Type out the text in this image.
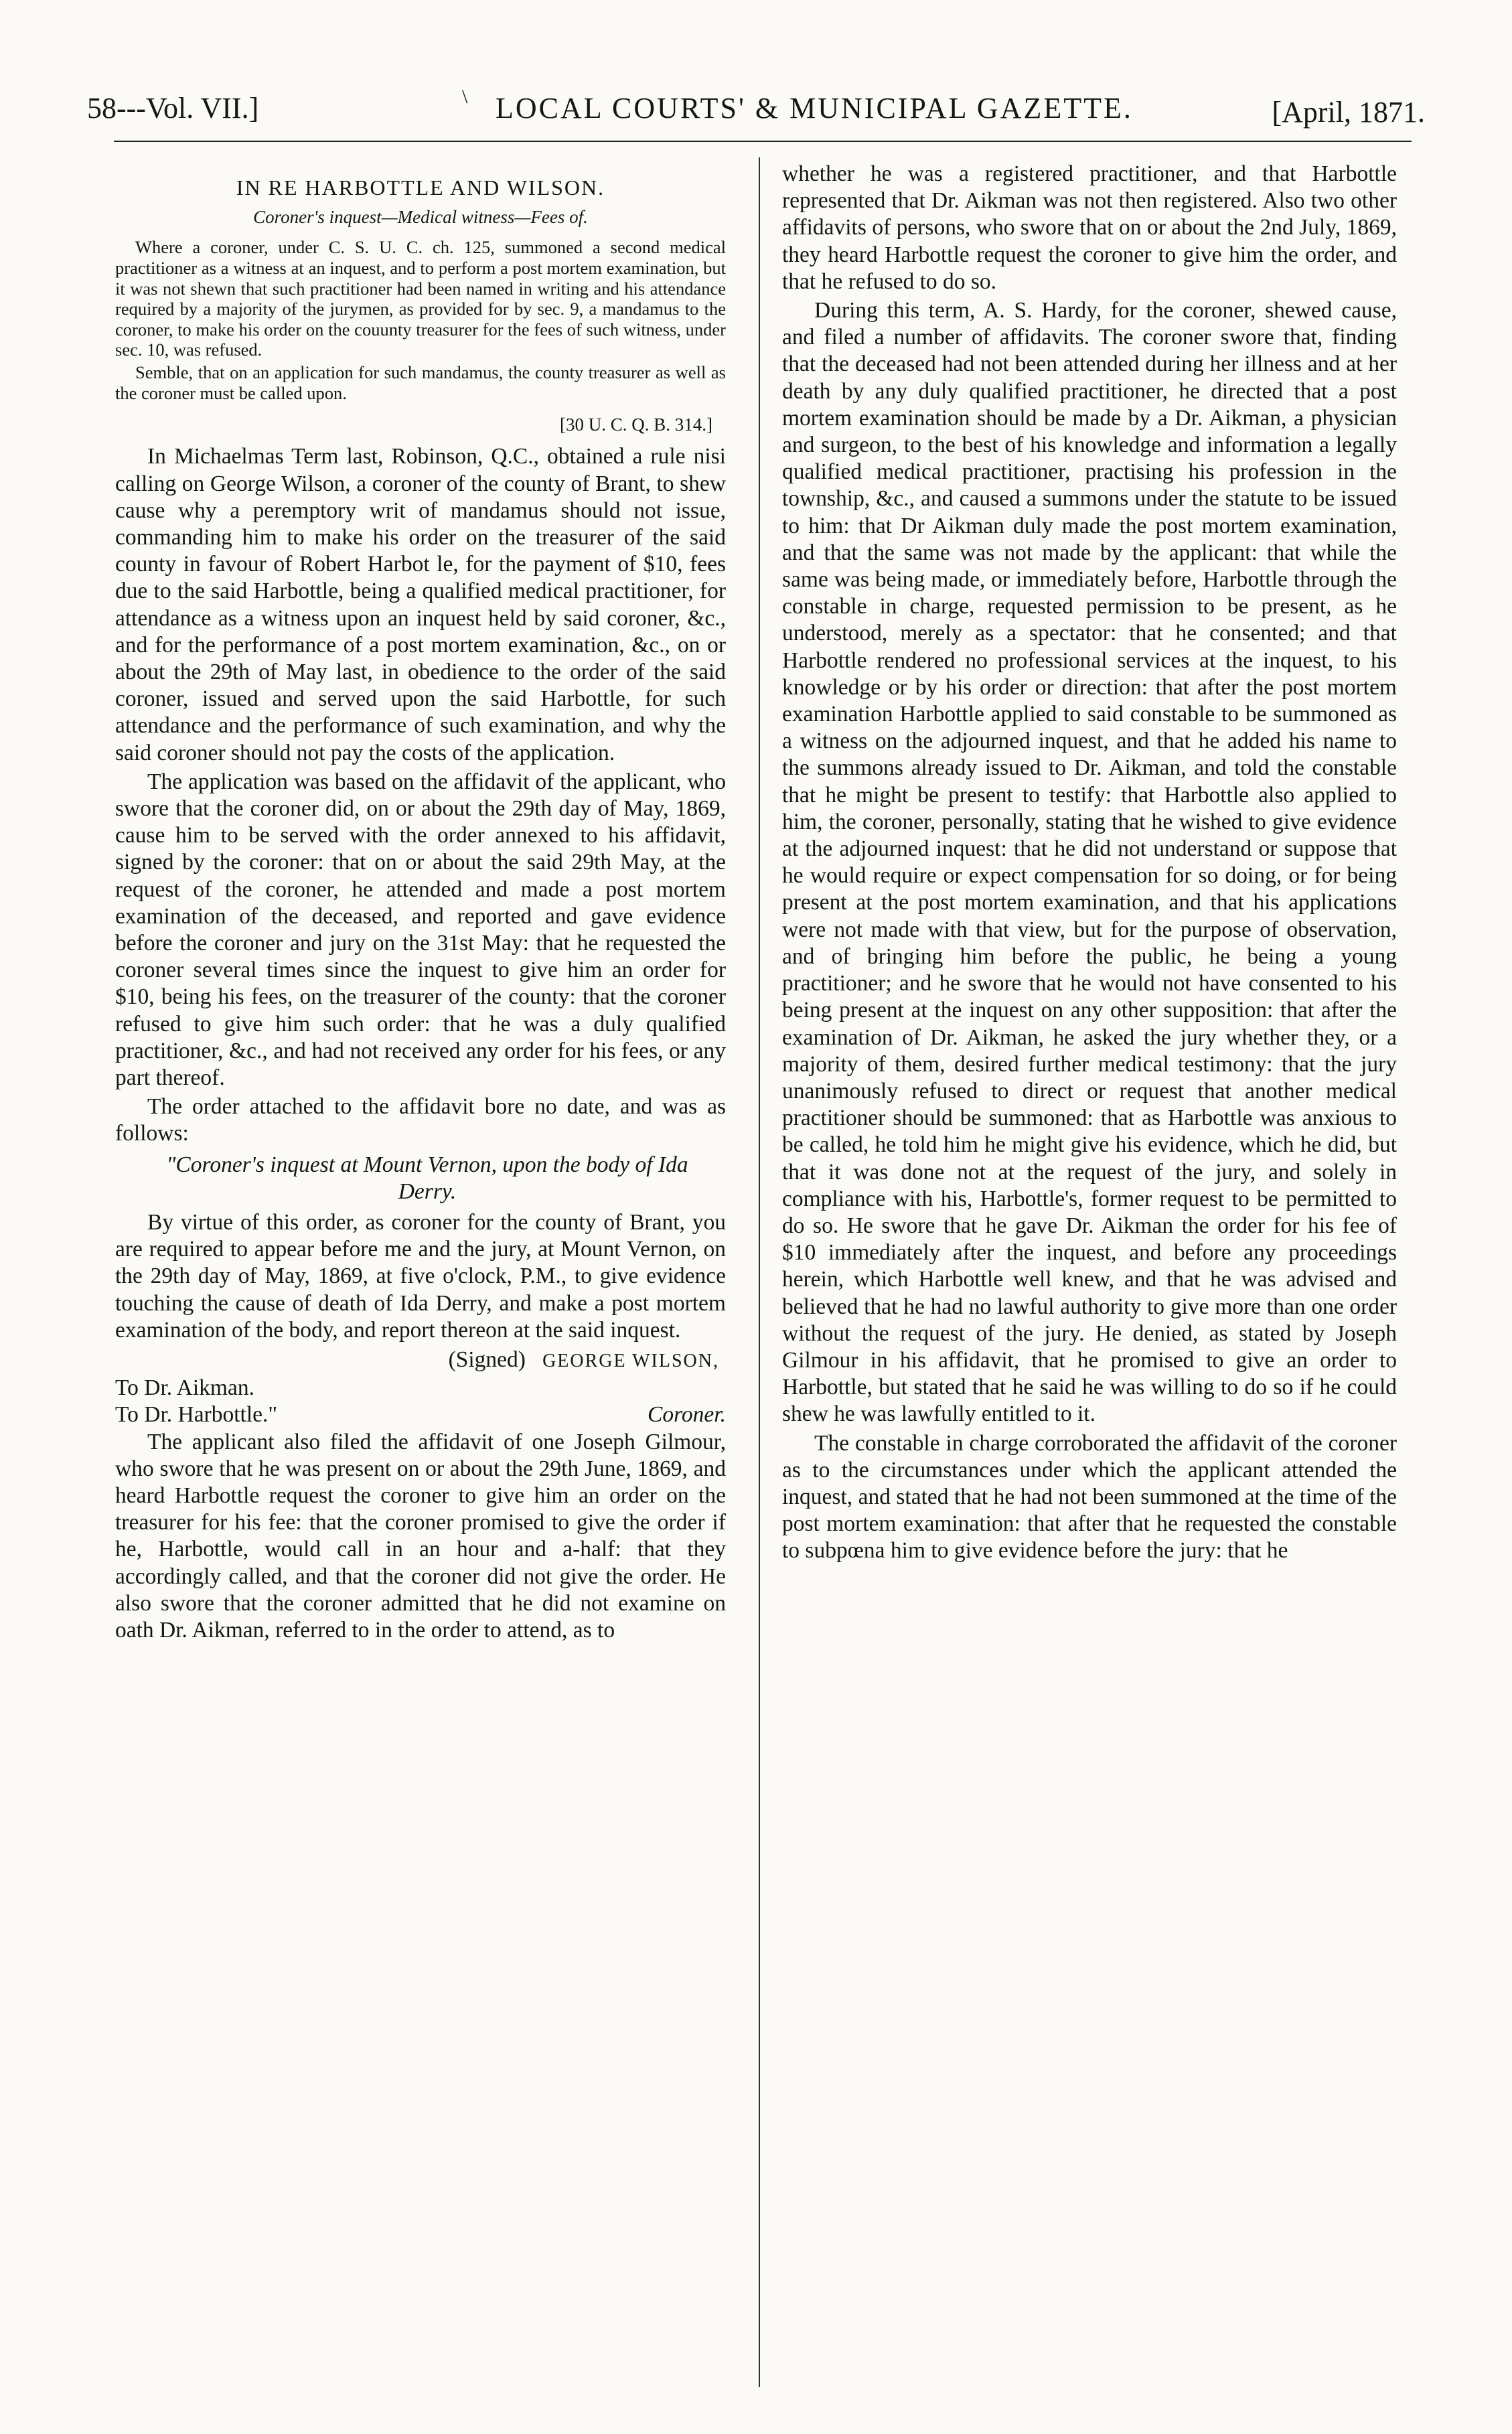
58---Vol. VII.]	\ LOCAL COURTS' & MUNICIPAL GAZETTE.	[April, 1871.
IN RE HARBOTTLE AND WILSON.
Coroner's inquest—Medical witness—Fees of.

Where a coroner, under C. S. U. C. ch. 125, summoned a second medical practitioner as a witness at an inquest, and to perform a post mortem examination, but it was not shewn that such practitioner had been named in writing and his attendance required by a majority of the jurymen, as provided for by sec. 9, a mandamus to the coroner, to make his order on the couunty treasurer for the fees of such witness, under sec. 10, was refused.

Semble, that on an application for such mandamus, the county treasurer as well as the coroner must be called upon.

[30 U. C. Q. B. 314.]

In Michaelmas Term last, Robinson, Q.C., obtained a rule nisi calling on George Wilson, a coroner of the county of Brant, to shew cause why a peremptory writ of mandamus should not issue, commanding him to make his order on the treasurer of the said county in favour of Robert Harbot le, for the payment of $10, fees due to the said Harbottle, being a qualified medical practitioner, for attendance as a witness upon an inquest held by said coroner, &c., and for the performance of a post mortem examination, &c., on or about the 29th of May last, in obedience to the order of the said coroner, issued and served upon the said Harbottle, for such attendance and the performance of such examination, and why the said coroner should not pay the costs of the application.

The application was based on the affidavit of the applicant, who swore that the coroner did, on or about the 29th day of May, 1869, cause him to be served with the order annexed to his affidavit, signed by the coroner: that on or about the said 29th May, at the request of the coroner, he attended and made a post mortem examination of the deceased, and reported and gave evidence before the coroner and jury on the 31st May: that he requested the coroner several times since the inquest to give him an order for $10, being his fees, on the treasurer of the county: that the coroner refused to give him such order: that he was a duly qualified practitioner, &c., and had not received any order for his fees, or any part thereof.

The order attached to the affidavit bore no date, and was as follows:

"Coroner's inquest at Mount Vernon, upon the body of Ida Derry.

By virtue of this order, as coroner for the county of Brant, you are required to appear before me and the jury, at Mount Vernon, on the 29th day of May, 1869, at five o'clock, P.M., to give evidence touching the cause of death of Ida Derry, and make a post mortem examination of the body, and report thereon at the said inquest.

(Signed) GEORGE WILSON,
To Dr. Aikman.
To Dr. Harbottle."	Coroner.

The applicant also filed the affidavit of one Joseph Gilmour, who swore that he was present on or about the 29th June, 1869, and heard Harbottle request the coroner to give him an order on the treasurer for his fee: that the coroner promised to give the order if he, Harbottle, would call in an hour and a-half: that they accordingly called, and that the coroner did not give the order. He also swore that the coroner admitted that he did not examine on oath Dr. Aikman, referred to in the order to attend, as to

whether he was a registered practitioner, and that Harbottle represented that Dr. Aikman was not then registered. Also two other affidavits of persons, who swore that on or about the 2nd July, 1869, they heard Harbottle request the coroner to give him the order, and that he refused to do so.

During this term, A. S. Hardy, for the coroner, shewed cause, and filed a number of affidavits. The coroner swore that, finding that the deceased had not been attended during her illness and at her death by any duly qualified practitioner, he directed that a post mortem examination should be made by a Dr. Aikman, a physician and surgeon, to the best of his knowledge and information a legally qualified medical practitioner, practising his profession in the township, &c., and caused a summons under the statute to be issued to him: that Dr Aikman duly made the post mortem examination, and that the same was not made by the applicant: that while the same was being made, or immediately before, Harbottle through the constable in charge, requested permission to be present, as he understood, merely as a spectator: that he consented; and that Harbottle rendered no professional services at the inquest, to his knowledge or by his order or direction: that after the post mortem examination Harbottle applied to said constable to be summoned as a witness on the adjourned inquest, and that he added his name to the summons already issued to Dr. Aikman, and told the constable that he might be present to testify: that Harbottle also applied to him, the coroner, personally, stating that he wished to give evidence at the adjourned inquest: that he did not understand or suppose that he would require or expect compensation for so doing, or for being present at the post mortem examination, and that his applications were not made with that view, but for the purpose of observation, and of bringing him before the public, he being a young practitioner; and he swore that he would not have consented to his being present at the inquest on any other supposition: that after the examination of Dr. Aikman, he asked the jury whether they, or a majority of them, desired further medical testimony: that the jury unanimously refused to direct or request that another medical practitioner should be summoned: that as Harbottle was anxious to be called, he told him he might give his evidence, which he did, but that it was done not at the request of the jury, and solely in compliance with his, Harbottle's, former request to be permitted to do so. He swore that he gave Dr. Aikman the order for his fee of $10 immediately after the inquest, and before any proceedings herein, which Harbottle well knew, and that he was advised and believed that he had no lawful authority to give more than one order without the request of the jury. He denied, as stated by Joseph Gilmour in his affidavit, that he promised to give an order to Harbottle, but stated that he said he was willing to do so if he could shew he was lawfully entitled to it.

The constable in charge corroborated the affidavit of the coroner as to the circumstances under which the applicant attended the inquest, and stated that he had not been summoned at the time of the post mortem examination: that after that he requested the constable to subpœna him to give evidence before the jury: that he
